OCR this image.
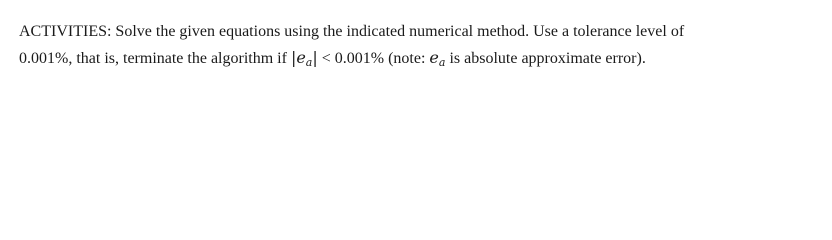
ACTIVITIES: Solve the given equations using the indicated numerical method. Use a tolerance level of
0.001%, that is, terminate the algorithm if $|e_a| < 0.001\%$ (note: $e_a$ is absolute approximate error).
